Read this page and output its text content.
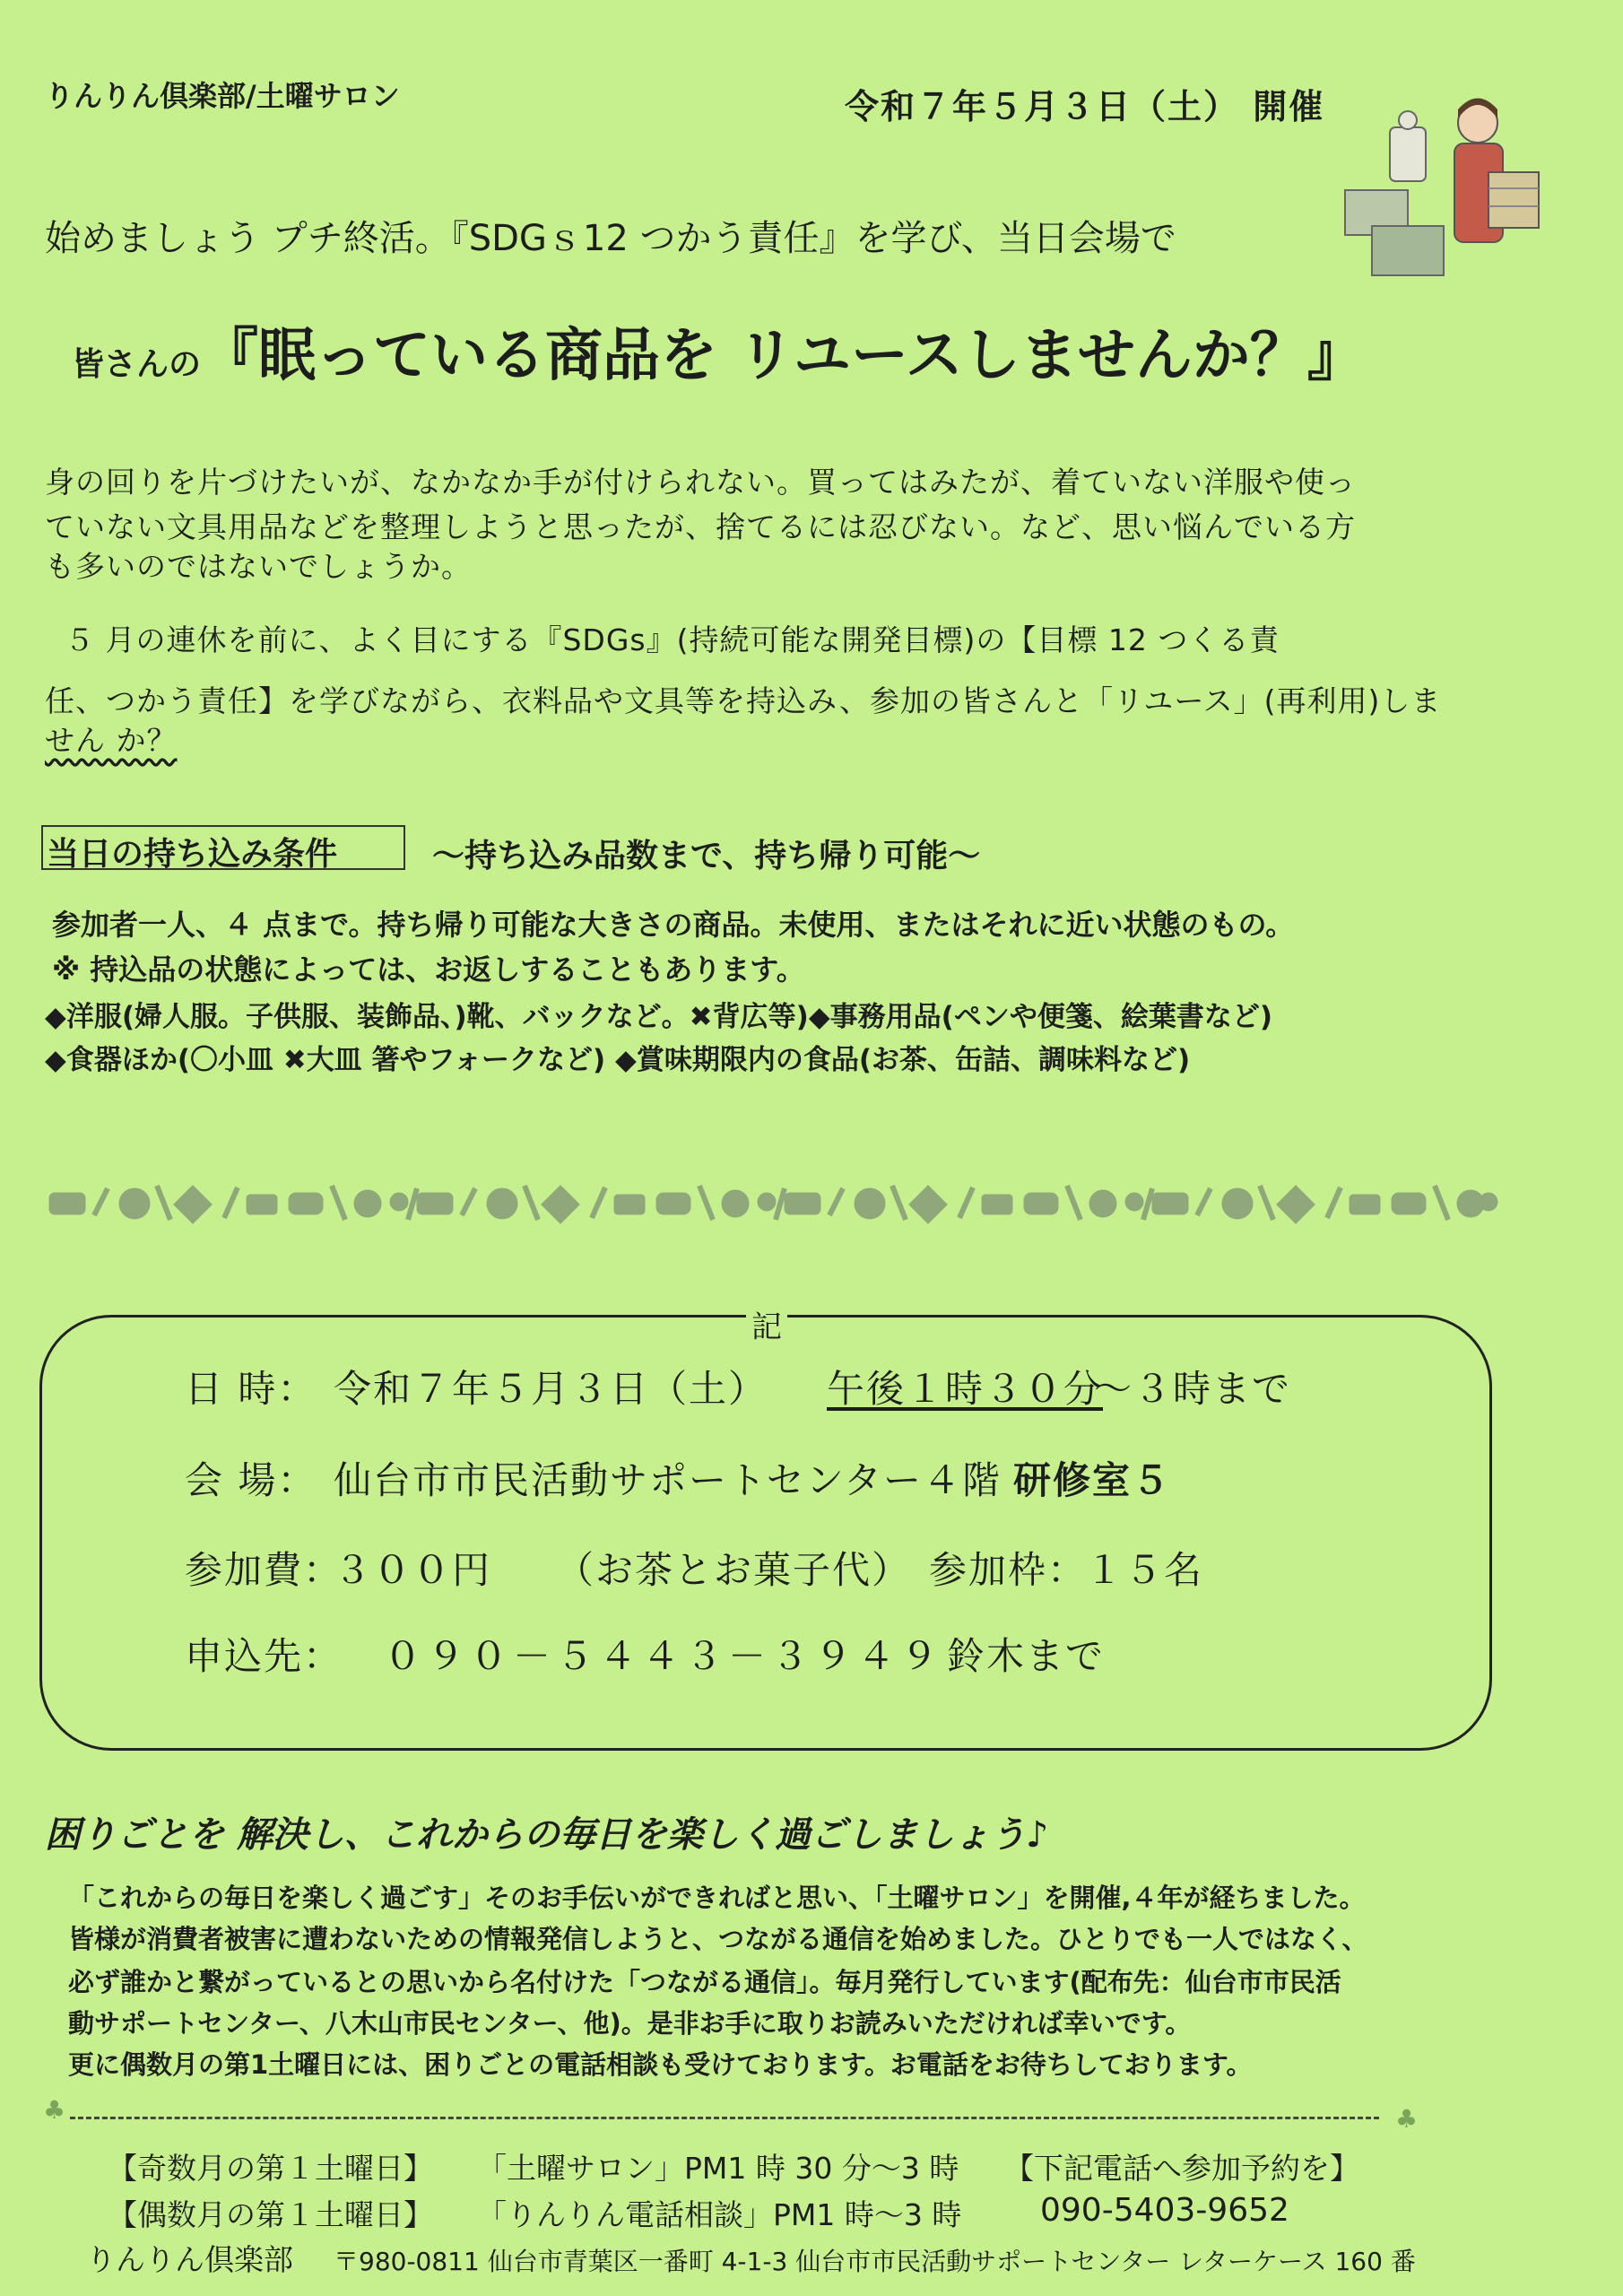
りんりん倶楽部/土曜サロン	令和７年５月３日（土） 開催
始めましょう プチ終活。『SDGｓ12 つかう責任』を学び、当日会場で
皆さんの『眠っている商品を リユースしませんか？』
身の回りを片づけたいが、なかなか手が付けられない。買ってはみたが、着ていない洋服や使っ
ていない文具用品などを整理しようと思ったが、捨てるには忍びない。など、思い悩んでいる方
も多いのではないでしょうか。
５ 月の連休を前に、よく目にする『SDGs』(持続可能な開発目標)の【目標 12 つくる責
任、つかう責任】を学びながら、衣料品や文具等を持込み、参加の皆さんと「リユース」(再利用)しま
せん か？
当日の持ち込み条件	～持ち込み品数まで、持ち帰り可能～
参加者一人、４ 点まで。持ち帰り可能な大きさの商品。未使用、またはそれに近い状態のもの。
※ 持込品の状態によっては、お返しすることもあります。
◆洋服(婦人服。子供服、装飾品、)靴、バックなど。✖背広等)◆事務用品(ペンや便箋、絵葉書など)
◆食器ほか(〇小皿 ✖大皿 箸やフォークなど) ◆賞味期限内の食品(お茶、缶詰、調味料など)
記
日 時： 令和７年５月３日（土） 午後１時３０分
～３時まで
会 場： 仙台市市民活動サポートセンター４階 研修室５
参加費：
３００円 （お茶とお菓子代） 参加枠：
１５名
申込先： ０９０－５４４３－３９４９ 鈴木まで
困りごとを 解決し、これからの毎日を楽しく過ごしましょう♪
「これからの毎日を楽しく過ごす」そのお手伝いができればと思い、「土曜サロン」を開催,４年が経ちました。
皆様が消費者被害に遭わないための情報発信しようと、つながる通信を始めました。ひとりでも一人ではなく、
必ず誰かと繋がっているとの思いから名付けた「つながる通信」。毎月発行しています(配布先：仙台市市民活
動サポートセンター、八木山市民センター、他)。是非お手に取りお読みいただければ幸いです。
更に偶数月の第1土曜日には、困りごとの電話相談も受けております。お電話をお待ちしております。
♣	♣
【奇数月の第１土曜日】 「土曜サロン」PM1 時 30 分～3 時 【下記電話へ参加予約を】
【偶数月の第１土曜日】 「りんりん電話相談」PM1 時～3 時 090-5403-9652
りんりん倶楽部 〒980-0811 仙台市青葉区一番町 4-1-3 仙台市市民活動サポートセンター レターケース 160 番
